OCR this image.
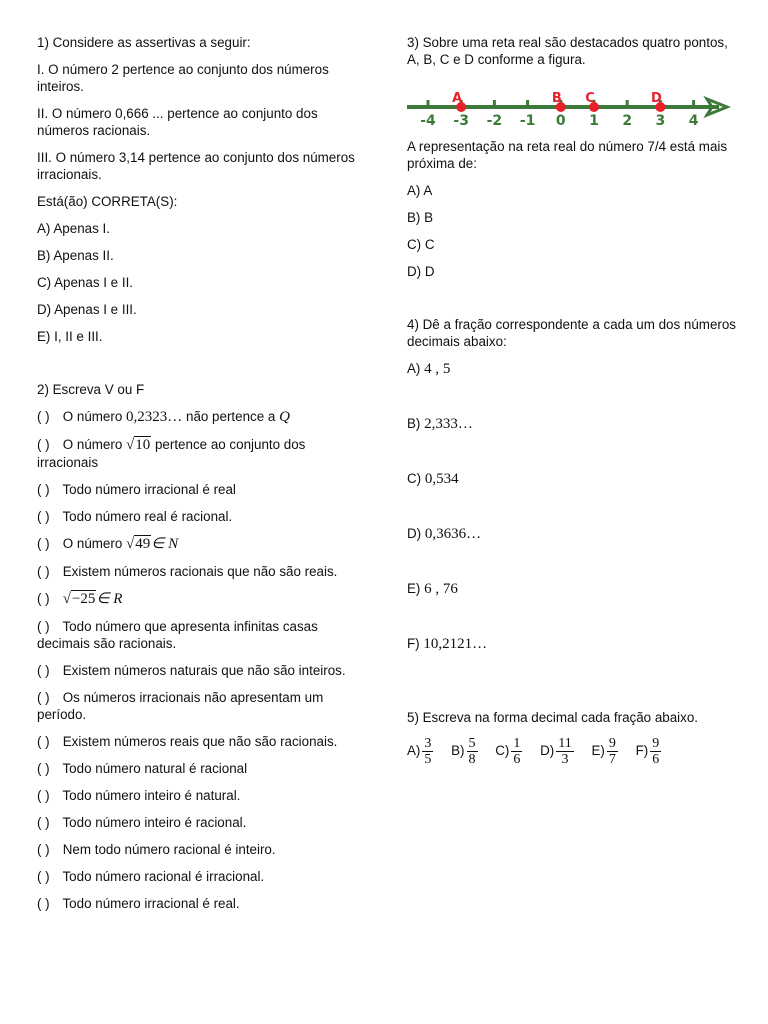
1) Considere as assertivas a seguir:
I. O número 2 pertence ao conjunto dos números inteiros.
II. O número 0,666 ... pertence ao conjunto dos números racionais.
III. O número 3,14 pertence ao conjunto dos números irracionais.
Está(ão) CORRETA(S):
A) Apenas I.
B) Apenas II.
C) Apenas I e II.
D) Apenas I e III.
E) I, II e III.
2) Escreva V ou F
( ) O número 0,2323… não pertence a Q
( ) O número √10 pertence ao conjunto dos irracionais
( ) Todo número irracional é real
( ) Todo número real é racional.
( ) O número √49∈ N
( ) Existem números racionais que não são reais.
( ) √−25∈ R
( ) Todo número que apresenta infinitas casas decimais são racionais.
( ) Existem números naturais que não são inteiros.
( ) Os números irracionais não apresentam um período.
( ) Existem números reais que não são racionais.
( ) Todo número natural é racional
( ) Todo número inteiro é natural.
( ) Todo número inteiro é racional.
( ) Nem todo número racional é inteiro.
( ) Todo número racional é irracional.
( ) Todo número irracional é real.
3) Sobre uma reta real são destacados quatro pontos, A, B, C e D conforme a figura.
-4 -3 -2 -1 0 1 2 3 4
A	B C	D
A representação na reta real do número 7/4 está mais próxima de:
A) A
B) B
C) C
D) D
4) Dê a fração correspondente a cada um dos números decimais abaixo:
A) 4 , 5
B) 2,333…
C) 0,534
D) 0,3636…
E) 6 , 76
F) 10,2121…
5) Escreva na forma decimal cada fração abaixo.
$A) \frac{3}{5} B) \frac{5}{8} C) \frac{1}{6} D) \frac{11}{3} E) \frac{9}{7} F) \frac{9}{6}$
